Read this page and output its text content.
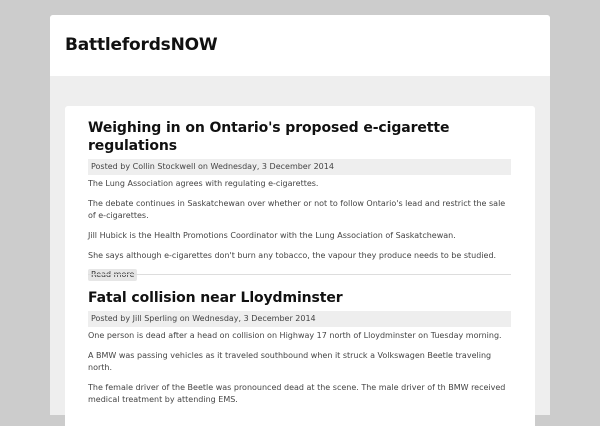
BattlefordsNOW
Weighing in on Ontario's proposed e-cigarette regulations
Posted by Collin Stockwell on Wednesday, 3 December 2014

The Lung Association agrees with regulating e-cigarettes.

The debate continues in Saskatchewan over whether or not to follow Ontario's lead and restrict the sale of e-cigarettes.

Jill Hubick is the Health Promotions Coordinator with the Lung Association of Saskatchewan.

She says although e-cigarettes don't burn any tobacco, the vapour they produce needs to be studied.

Read more
Fatal collision near Lloydminster
Posted by Jill Sperling on Wednesday, 3 December 2014

One person is dead after a head on collision on Highway 17 north of Lloydminster on Tuesday morning.

A BMW was passing vehicles as it traveled southbound when it struck a Volkswagen Beetle traveling north.

The female driver of the Beetle was pronounced dead at the scene. The male driver of th BMW received medical treatment by attending EMS.
